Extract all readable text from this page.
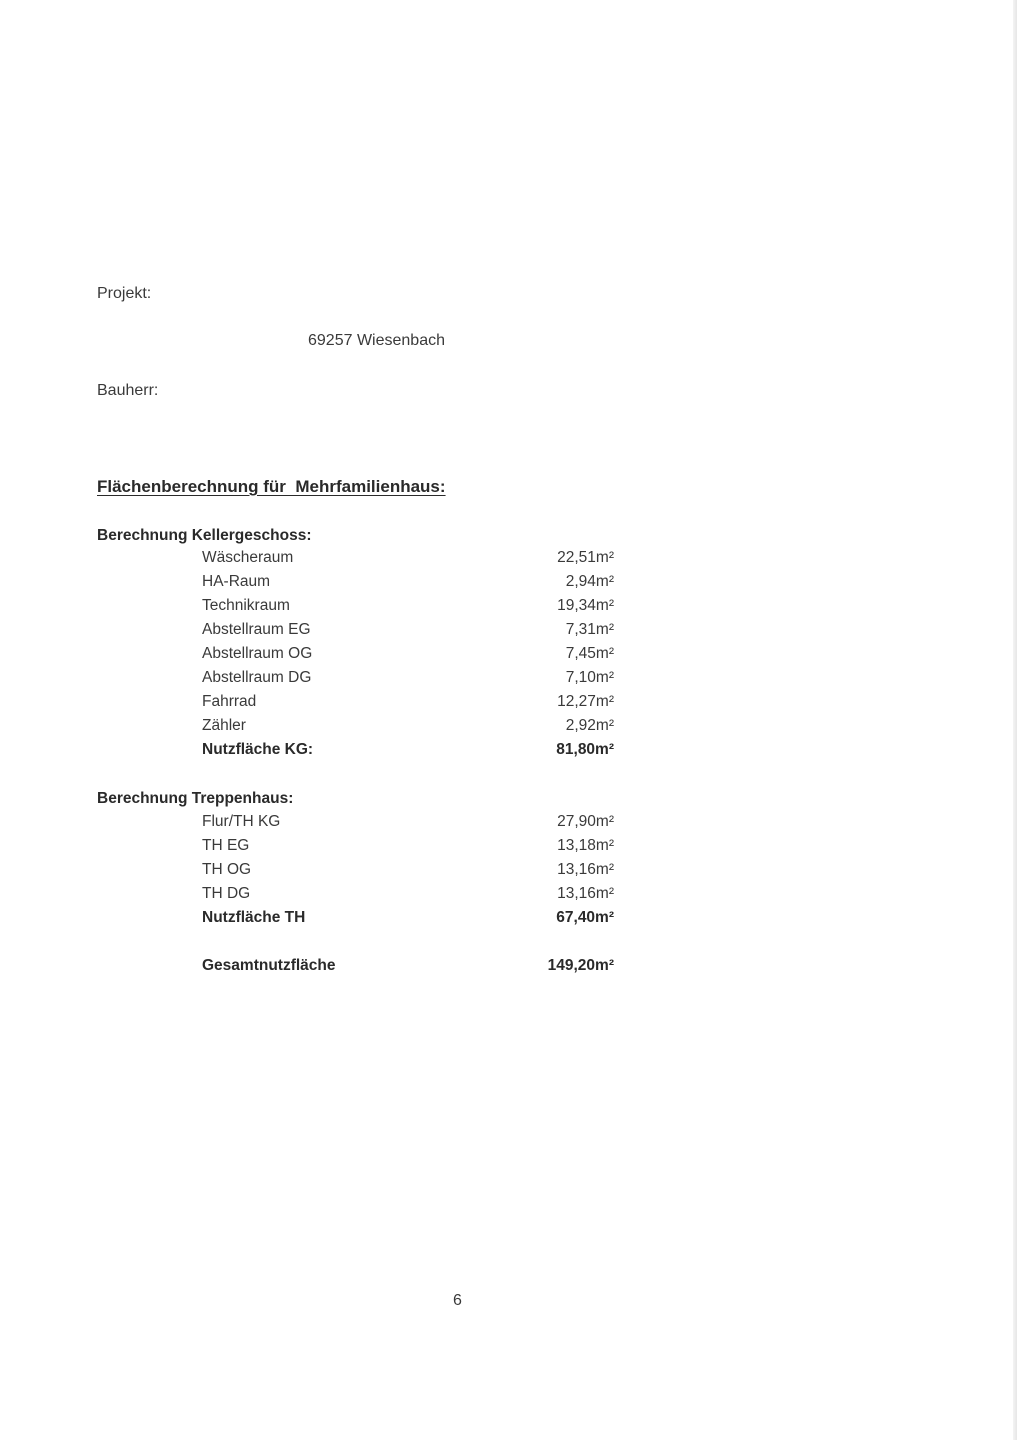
Projekt:
69257 Wiesenbach
Bauherr:
Flächenberechnung für  Mehrfamilienhaus:
Berechnung Kellergeschoss:
Wäscheraum	22,51m²
HA-Raum	2,94m²
Technikraum	19,34m²
Abstellraum EG	7,31m²
Abstellraum OG	7,45m²
Abstellraum DG	7,10m²
Fahrrad	12,27m²
Zähler	2,92m²
Nutzfläche KG:	81,80m²
Berechnung Treppenhaus:
Flur/TH KG	27,90m²
TH EG	13,18m²
TH OG	13,16m²
TH DG	13,16m²
Nutzfläche TH	67,40m²
Gesamtnutzfläche	149,20m²
6
